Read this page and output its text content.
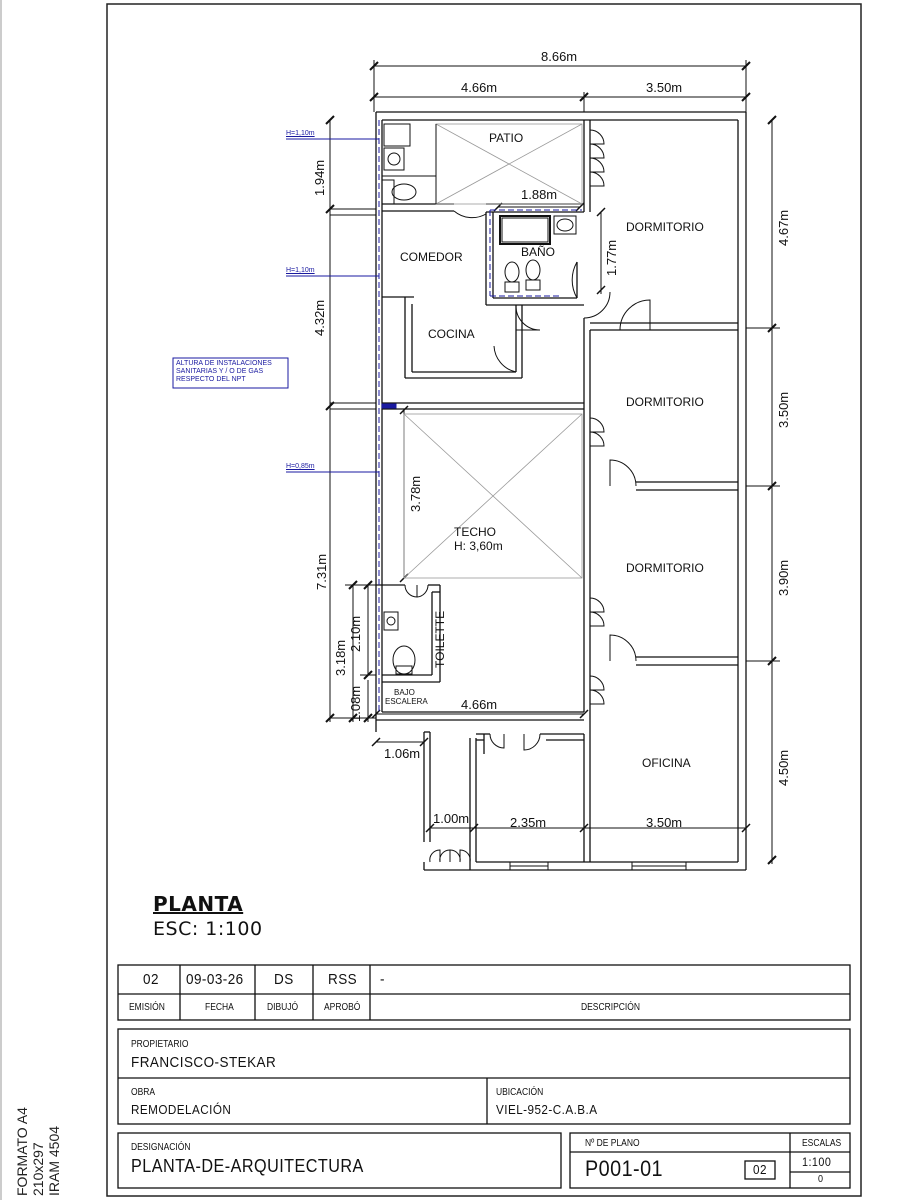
FORMATO A4 210x297 IRAM 4504
8.66m
4.66m	3.50m
1.88m
1.77m
1.94m
4.32m
7.31m
3.18m
2.10m
1.08m
3.78m
4.67m
3.50m
3.90m
4.50m
4.66m
1.06m
1.00m	2.35m	3.50m
PATIO
DORMITORIO
BAÑO
COMEDOR
COCINA
DORMITORIO
TECHO
H: 3,60m
DORMITORIO
TOILETTE
BAJO
ESCALERA
OFICINA
H=1,10m
H=1,10m
H=0,85m
ALTURA DE INSTALACIONES
SANITARIAS Y / O DE GAS
RESPECTO DEL NPT
PLANTA
ESC: 1:100
02 09-03-26 DS RSS -
EMISIÓN	FECHA	DIBUJÓ	APROBÓ	DESCRIPCIÓN
PROPIETARIO
FRANCISCO-STEKAR
OBRA
REMODELACIÓN
UBICACIÓN
VIEL-952-C.A.B.A
DESIGNACIÓN
PLANTA-DE-ARQUITECTURA
Nº DE PLANO
P001-01	02
ESCALAS
1:100
0
